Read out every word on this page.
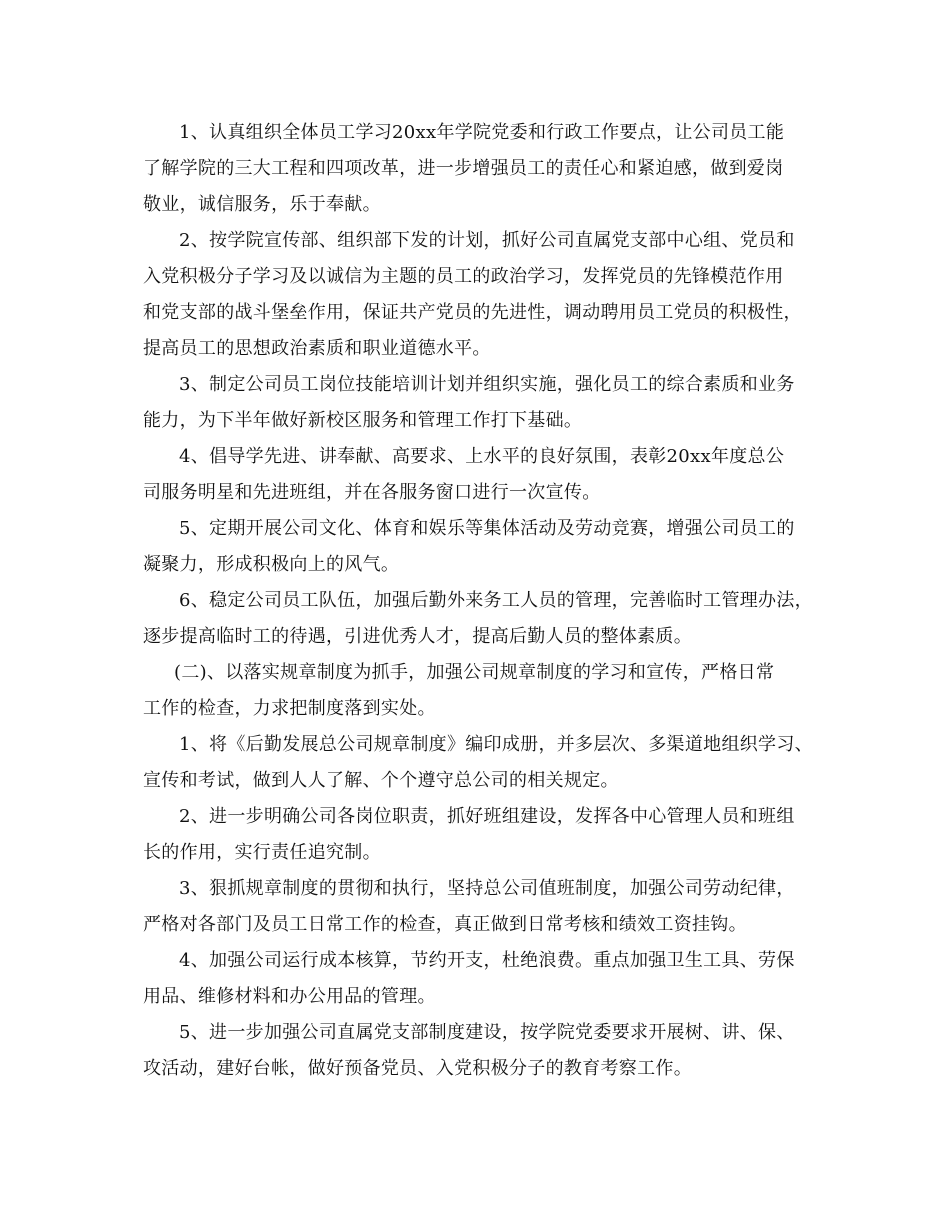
1、认真组织全体员工学习20xx年学院党委和行政工作要点，让公司员工能
了解学院的三大工程和四项改革，进一步增强员工的责任心和紧迫感，做到爱岗
敬业，诚信服务，乐于奉献。

2、按学院宣传部、组织部下发的计划，抓好公司直属党支部中心组、党员和
入党积极分子学习及以诚信为主题的员工的政治学习，发挥党员的先锋模范作用
和党支部的战斗堡垒作用，保证共产党员的先进性，调动聘用员工党员的积极性，
提高员工的思想政治素质和职业道德水平。

3、制定公司员工岗位技能培训计划并组织实施，强化员工的综合素质和业务
能力，为下半年做好新校区服务和管理工作打下基础。

4、倡导学先进、讲奉献、高要求、上水平的良好氛围，表彰20xx年度总公
司服务明星和先进班组，并在各服务窗口进行一次宣传。

5、定期开展公司文化、体育和娱乐等集体活动及劳动竞赛，增强公司员工的
凝聚力，形成积极向上的风气。

6、稳定公司员工队伍，加强后勤外来务工人员的管理，完善临时工管理办法，
逐步提高临时工的待遇，引进优秀人才，提高后勤人员的整体素质。

(二)、以落实规章制度为抓手，加强公司规章制度的学习和宣传，严格日常
工作的检查，力求把制度落到实处。

1、将《后勤发展总公司规章制度》编印成册，并多层次、多渠道地组织学习、
宣传和考试，做到人人了解、个个遵守总公司的相关规定。

2、进一步明确公司各岗位职责，抓好班组建设，发挥各中心管理人员和班组
长的作用，实行责任追究制。

3、狠抓规章制度的贯彻和执行，坚持总公司值班制度，加强公司劳动纪律，
严格对各部门及员工日常工作的检查，真正做到日常考核和绩效工资挂钩。

4、加强公司运行成本核算，节约开支，杜绝浪费。重点加强卫生工具、劳保
用品、维修材料和办公用品的管理。

5、进一步加强公司直属党支部制度建设，按学院党委要求开展树、讲、保、
攻活动，建好台帐，做好预备党员、入党积极分子的教育考察工作。
